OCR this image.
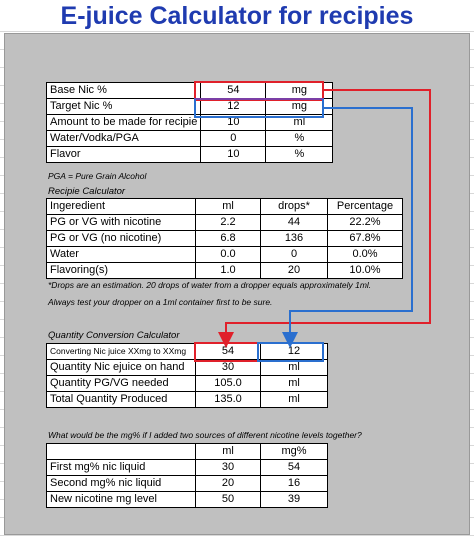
E-juice Calculator for recipies
Base Nic %	54	mg
Target Nic %	12	mg
Amount to be made for recipie	10	ml
Water/Vodka/PGA	0	%
Flavor	10	%
PGA = Pure Grain Alcohol
Recipie Calculator
Ingeredient	ml	drops*	Percentage
PG or VG with nicotine	2.2	44	22.2%
PG or VG (no nicotine)	6.8	136	67.8%
Water	0.0	0	0.0%
Flavoring(s)	1.0	20	10.0%
*Drops are an estimation. 20 drops of water from a dropper equals approximately 1ml.
Always test your dropper on a 1ml container first to be sure.
Quantity Conversion Calculator
Converting Nic juice XXmg to XXmg	54	12
Quantity Nic ejuice on hand	30	ml
Quantity PG/VG needed	105.0	ml
Total Quantity Produced	135.0	ml
What would be the mg% if I added two sources of different nicotine levels together?
	ml	mg%
First mg% nic liquid	30	54
Second mg% nic liquid	20	16
New nicotine mg level	50	39
